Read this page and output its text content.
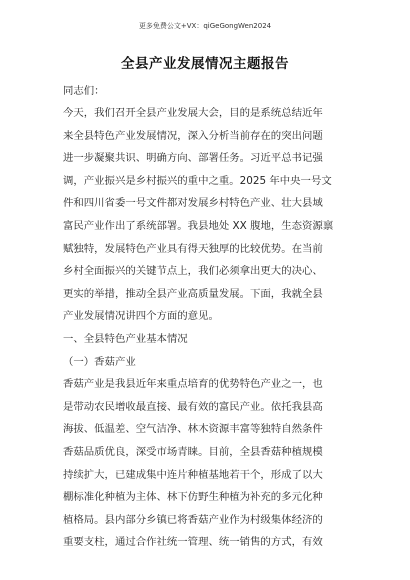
更多免费公文+VX：qiGeGongWen2024
全县产业发展情况主题报告
同志们：
今天，我们召开全县产业发展大会，目的是系统总结近年
来全县特色产业发展情况，深入分析当前存在的突出问题
进一步凝聚共识、明确方向、部署任务。习近平总书记强
调，产业振兴是乡村振兴的重中之重。2025 年中央一号文
件和四川省委一号文件都对发展乡村特色产业、壮大县域
富民产业作出了系统部署。我县地处 XX 腹地，生态资源禀
赋独特，发展特色产业具有得天独厚的比较优势。在当前
乡村全面振兴的关键节点上，我们必须拿出更大的决心、
更实的举措，推动全县产业高质量发展。下面，我就全县
产业发展情况讲四个方面的意见。
一、全县特色产业基本情况
（一）香菇产业
香菇产业是我县近年来重点培育的优势特色产业之一，也
是带动农民增收最直接、最有效的富民产业。依托我县高
海拔、低温差、空气洁净、林木资源丰富等独特自然条件
香菇品质优良，深受市场青睐。目前，全县香菇种植规模
持续扩大，已建成集中连片种植基地若干个，形成了以大
棚标准化种植为主体、林下仿野生种植为补充的多元化种
植格局。县内部分乡镇已将香菇产业作为村级集体经济的
重要支柱，通过合作社统一管理、统一销售的方式，有效
